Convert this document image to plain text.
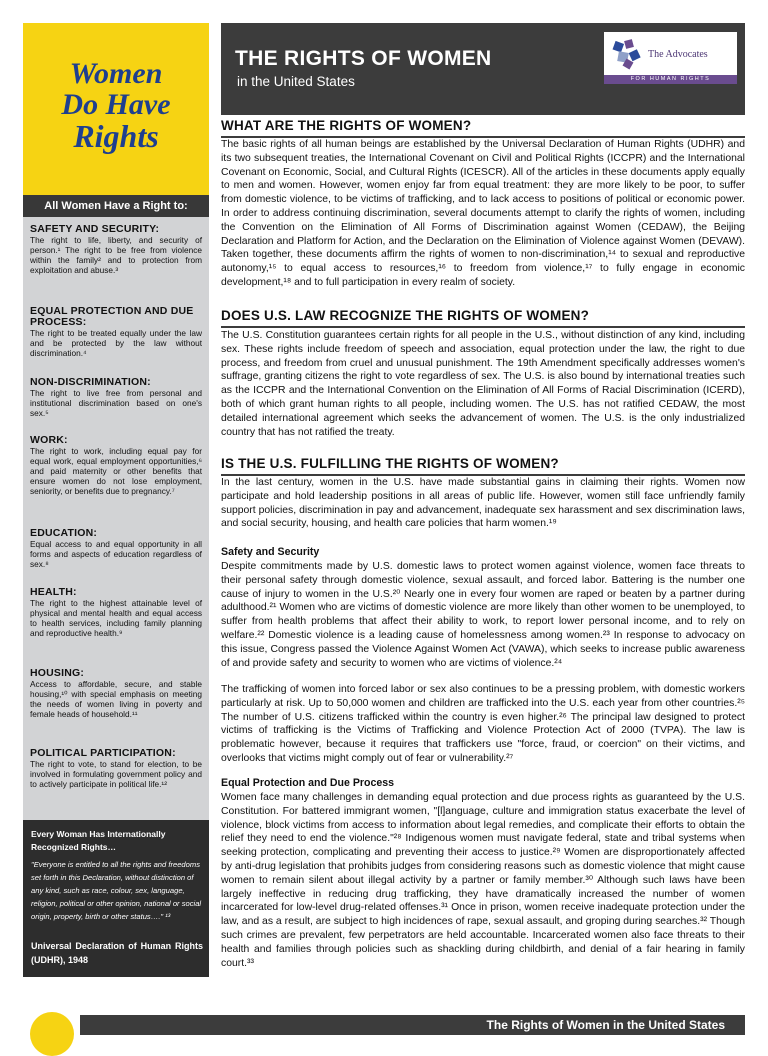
Women
Do Have
Rights
All Women Have a Right to:
SAFETY AND SECURITY:
The right to life, liberty, and security of person.¹ The right to be free from violence within the family² and to protection from exploitation and abuse.³
EQUAL PROTECTION AND DUE PROCESS:
The right to be treated equally under the law and be protected by the law without discrimination.⁴
NON-DISCRIMINATION:
The right to live free from personal and institutional discrimination based on one's sex.⁵
WORK:
The right to work, including equal pay for equal work, equal employment opportunities,⁶ and paid maternity or other benefits that ensure women do not lose employment, seniority, or benefits due to pregnancy.⁷
EDUCATION:
Equal access to and equal opportunity in all forms and aspects of education regardless of sex.⁸
HEALTH:
The right to the highest attainable level of physical and mental health and equal access to health services, including family planning and reproductive health.⁹
HOUSING:
Access to affordable, secure, and stable housing,¹⁰ with special emphasis on meeting the needs of women living in poverty and female heads of household.¹¹
POLITICAL PARTICIPATION:
The right to vote, to stand for election, to be involved in formulating government policy and to actively participate in political life.¹²
Every Woman Has Internationally Recognized Rights…
"Everyone is entitled to all the rights and freedoms set forth in this Declaration, without distinction of any kind, such as race, colour, sex, language, religion, political or other opinion, national or social origin, property, birth or other status…." ¹³
Universal Declaration of Human Rights (UDHR), 1948
THE RIGHTS OF WOMEN
in the United States
The Advocates
FOR HUMAN RIGHTS
WHAT ARE THE RIGHTS OF WOMEN?
The basic rights of all human beings are established by the Universal Declaration of Human Rights (UDHR) and its two subsequent treaties, the International Covenant on Civil and Political Rights (ICCPR) and the International Covenant on Economic, Social, and Cultural Rights (ICESCR). All of the articles in these documents apply equally to men and women. However, women enjoy far from equal treatment: they are more likely to be poor, to suffer from domestic violence, to be victims of trafficking, and to lack access to positions of political or economic power. In order to address continuing discrimination, several documents attempt to clarify the rights of women, including the Convention on the Elimination of All Forms of Discrimination against Women (CEDAW), the Beijing Declaration and Platform for Action, and the Declaration on the Elimination of Violence against Women (DEVAW). Taken together, these documents affirm the rights of women to non-discrimination,¹⁴ to sexual and reproductive autonomy,¹⁵ to equal access to resources,¹⁶ to freedom from violence,¹⁷ to fully engage in economic development,¹⁸ and to full participation in every realm of society.
DOES U.S. LAW RECOGNIZE THE RIGHTS OF WOMEN?
The U.S. Constitution guarantees certain rights for all people in the U.S., without distinction of any kind, including sex. These rights include freedom of speech and association, equal protection under the law, the right to due process, and freedom from cruel and unusual punishment. The 19th Amendment specifically addresses women's suffrage, granting citizens the right to vote regardless of sex. The U.S. is also bound by international treaties such as the ICCPR and the International Convention on the Elimination of All Forms of Racial Discrimination (ICERD), both of which grant human rights to all people, including women. The U.S. has not ratified CEDAW, the most detailed international agreement which seeks the advancement of women. The U.S. is the only industrialized country that has not ratified the treaty.
IS THE U.S. FULFILLING THE RIGHTS OF WOMEN?
In the last century, women in the U.S. have made substantial gains in claiming their rights. Women now participate and hold leadership positions in all areas of public life. However, women still face unfriendly family support policies, discrimination in pay and advancement, inadequate sex harassment and sex discrimination laws, and social security, housing, and health care policies that harm women.¹⁹
Safety and Security
Despite commitments made by U.S. domestic laws to protect women against violence, women face threats to their personal safety through domestic violence, sexual assault, and forced labor. Battering is the number one cause of injury to women in the U.S.²⁰ Nearly one in every four women are raped or beaten by a partner during adulthood.²¹ Women who are victims of domestic violence are more likely than other women to be unemployed, to suffer from health problems that affect their ability to work, to report lower personal income, and to rely on welfare.²² Domestic violence is a leading cause of homelessness among women.²³ In response to advocacy on this issue, Congress passed the Violence Against Women Act (VAWA), which seeks to increase public awareness of and provide safety and security to women who are victims of violence.²⁴
The trafficking of women into forced labor or sex also continues to be a pressing problem, with domestic workers particularly at risk. Up to 50,000 women and children are trafficked into the U.S. each year from other countries.²⁵ The number of U.S. citizens trafficked within the country is even higher.²⁶ The principal law designed to protect victims of trafficking is the Victims of Trafficking and Violence Protection Act of 2000 (TVPA). The law is problematic however, because it requires that traffickers use "force, fraud, or coercion" on their victims, and overlooks that victims might comply out of fear or vulnerability.²⁷
Equal Protection and Due Process
Women face many challenges in demanding equal protection and due process rights as guaranteed by the U.S. Constitution. For battered immigrant women, "[l]anguage, culture and immigration status exacerbate the level of violence, block victims from access to information about legal remedies, and complicate their efforts to obtain the relief they need to end the violence."²⁸ Indigenous women must navigate federal, state and tribal systems when seeking protection, complicating and preventing their access to justice.²⁹ Women are disproportionately affected by anti-drug legislation that prohibits judges from considering reasons such as domestic violence that might cause women to remain silent about illegal activity by a partner or family member.³⁰ Although such laws have been largely ineffective in reducing drug trafficking, they have dramatically increased the number of women incarcerated for low-level drug-related offenses.³¹ Once in prison, women receive inadequate protection under the law, and as a result, are subject to high incidences of rape, sexual assault, and groping during searches.³² Though such crimes are prevalent, few perpetrators are held accountable. Incarcerated women also face threats to their health and families through policies such as shackling during childbirth, and denial of a fair hearing in family court.³³
The Rights of Women in the United States
